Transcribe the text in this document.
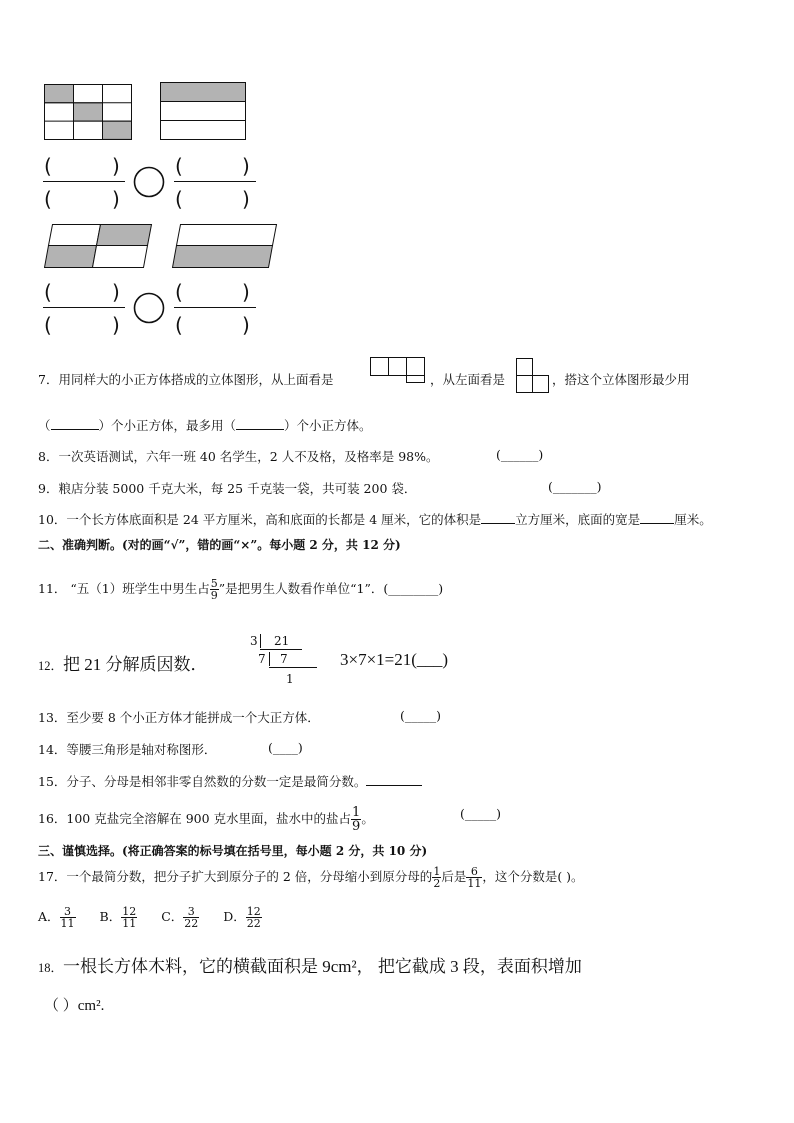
(	)
(	)
(	)
(	)
(	)
(	)
(	)
(	)
7．用同样大的小正方体搭成的立体图形，从上面看是	，从左面看是	，搭这个立体图形最少用
（	）个小正方体，最多用（	）个小正方体。
8．一次英语测试，六年一班 40 名学生，2 人不及格，及格率是 98%。	(______)
9．粮店分装 5000 千克大米，每 25 千克装一袋，共可装 200 袋．	(_______)
10．一个长方体底面积是 24 平方厘米，高和底面的长都是 4 厘米，它的体积是	立方厘米，底面的宽是	厘米。
二、准确判断。(对的画“√”，错的画“×”。每小题 2 分，共 12 分)
11． “五（1）班学生中男生占 $\frac{5}{9}$ ”是把男生人数看作单位“1”．(________)
12．把 21 分解质因数．
3 21
7 7
1
3×7×1=21(___)
13．至少要 8 个小正方体才能拼成一个大正方体．	(_____)
14．等腰三角形是轴对称图形．	(____)
15．分子、分母是相邻非零自然数的分数一定是最简分数。
16．100 克盐完全溶解在 900 克水里面，盐水中的盐占 $\frac{1}{9}$ 。	(_____)
三、谨慎选择。(将正确答案的标号填在括号里，每小题 2 分，共 10 分)
17．一个最简分数，把分子扩大到原分子的 2 倍，分母缩小到原分母的 $\frac{1}{2}$ 后是 $\frac{6}{11}$ ，这个分数是( )。
A． $\frac{3}{11}$ B． $\frac{12}{11}$ C． $\frac{3}{22}$ D． $\frac{12}{22}$
18．一根长方体木料，它的横截面积是 9cm²， 把它截成 3 段，表面积增加
（ ）cm².
